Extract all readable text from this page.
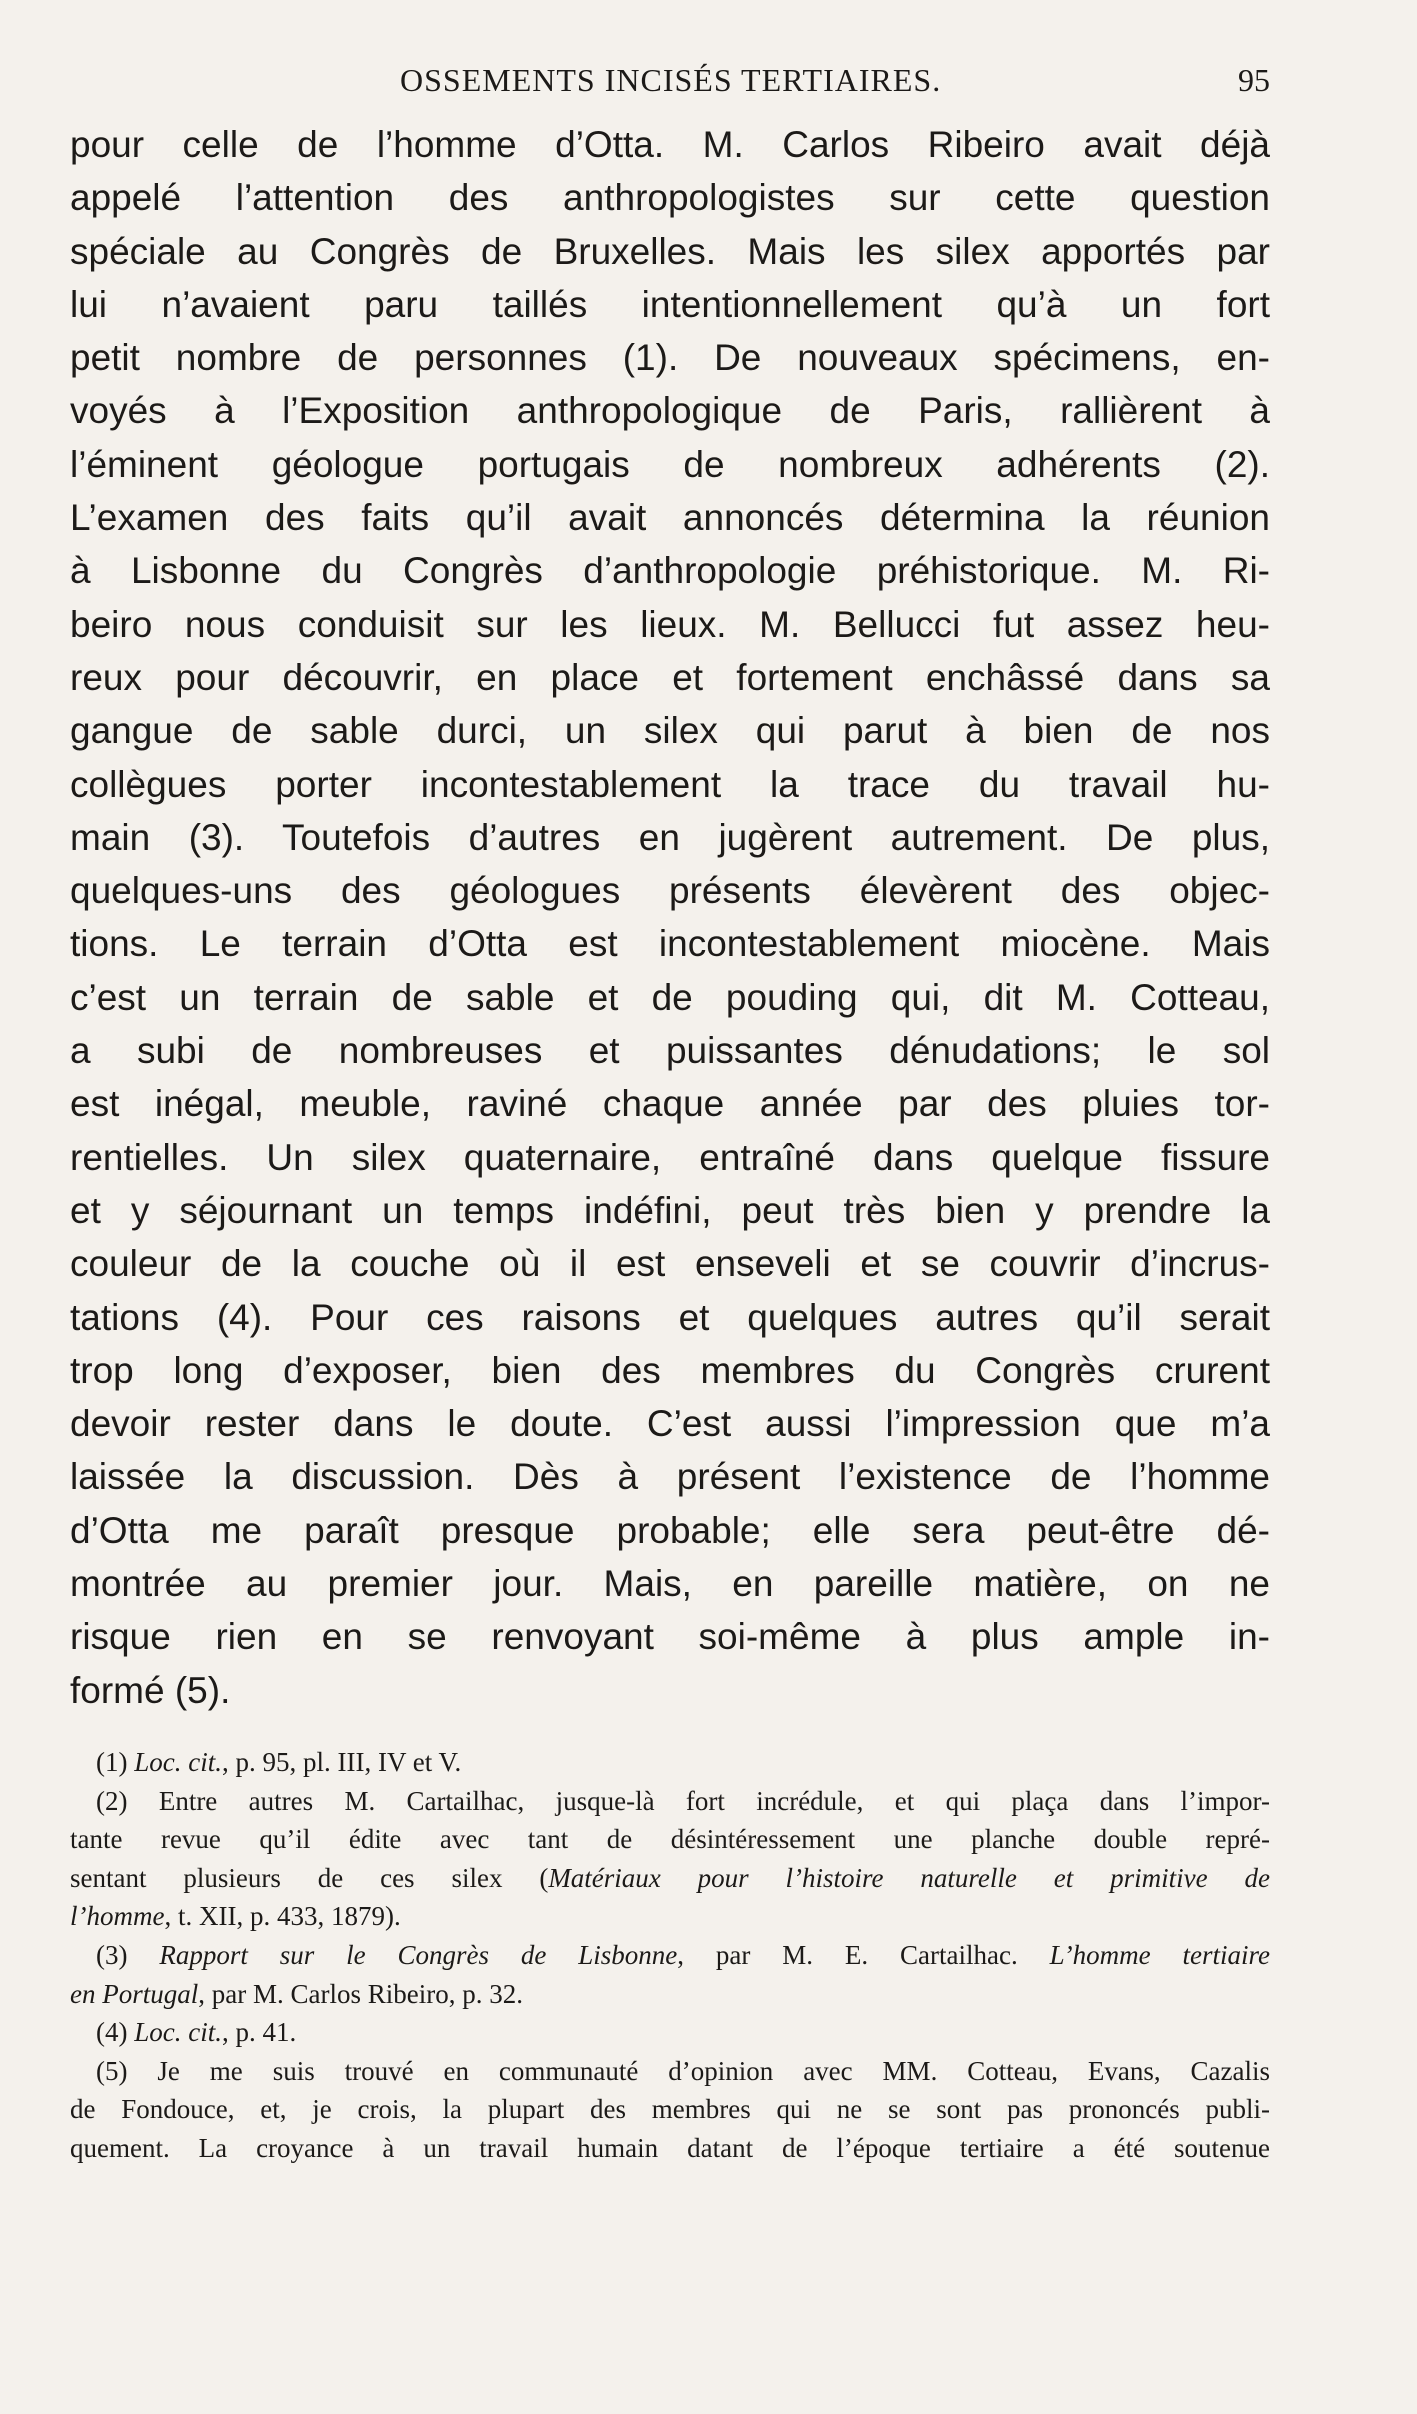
OSSEMENTS INCISÉS TERTIAIRES.	95
pour celle de l’homme d’Otta. M. Carlos Ribeiro avait déjà
appelé l’attention des anthropologistes sur cette question
spéciale au Congrès de Bruxelles. Mais les silex apportés par
lui n’avaient paru taillés intentionnellement qu’à un fort
petit nombre de personnes (1). De nouveaux spécimens, en-
voyés à l’Exposition anthropologique de Paris, rallièrent à
l’éminent géologue portugais de nombreux adhérents (2).
L’examen des faits qu’il avait annoncés détermina la réunion
à Lisbonne du Congrès d’anthropologie préhistorique. M. Ri-
beiro nous conduisit sur les lieux. M. Bellucci fut assez heu-
reux pour découvrir, en place et fortement enchâssé dans sa
gangue de sable durci, un silex qui parut à bien de nos
collègues porter incontestablement la trace du travail hu-
main (3). Toutefois d’autres en jugèrent autrement. De plus,
quelques-uns des géologues présents élevèrent des objec-
tions. Le terrain d’Otta est incontestablement miocène. Mais
c’est un terrain de sable et de pouding qui, dit M. Cotteau,
a subi de nombreuses et puissantes dénudations; le sol
est inégal, meuble, raviné chaque année par des pluies tor-
rentielles. Un silex quaternaire, entraîné dans quelque fissure
et y séjournant un temps indéfini, peut très bien y prendre la
couleur de la couche où il est enseveli et se couvrir d’incrus-
tations (4). Pour ces raisons et quelques autres qu’il serait
trop long d’exposer, bien des membres du Congrès crurent
devoir rester dans le doute. C’est aussi l’impression que m’a
laissée la discussion. Dès à présent l’existence de l’homme
d’Otta me paraît presque probable; elle sera peut-être dé-
montrée au premier jour. Mais, en pareille matière, on ne
risque rien en se renvoyant soi-même à plus ample in-
formé (5).
(1) Loc. cit., p. 95, pl. III, IV et V.
(2) Entre autres M. Cartailhac, jusque-là fort incrédule, et qui plaça dans l’impor-
tante revue qu’il édite avec tant de désintéressement une planche double repré-
sentant plusieurs de ces silex (Matériaux pour l’histoire naturelle et primitive de
l’homme, t. XII, p. 433, 1879).
(3) Rapport sur le Congrès de Lisbonne, par M. E. Cartailhac. L’homme tertiaire
en Portugal, par M. Carlos Ribeiro, p. 32.
(4) Loc. cit., p. 41.
(5) Je me suis trouvé en communauté d’opinion avec MM. Cotteau, Evans, Cazalis
de Fondouce, et, je crois, la plupart des membres qui ne se sont pas prononcés publi-
quement. La croyance à un travail humain datant de l’époque tertiaire a été soutenue
